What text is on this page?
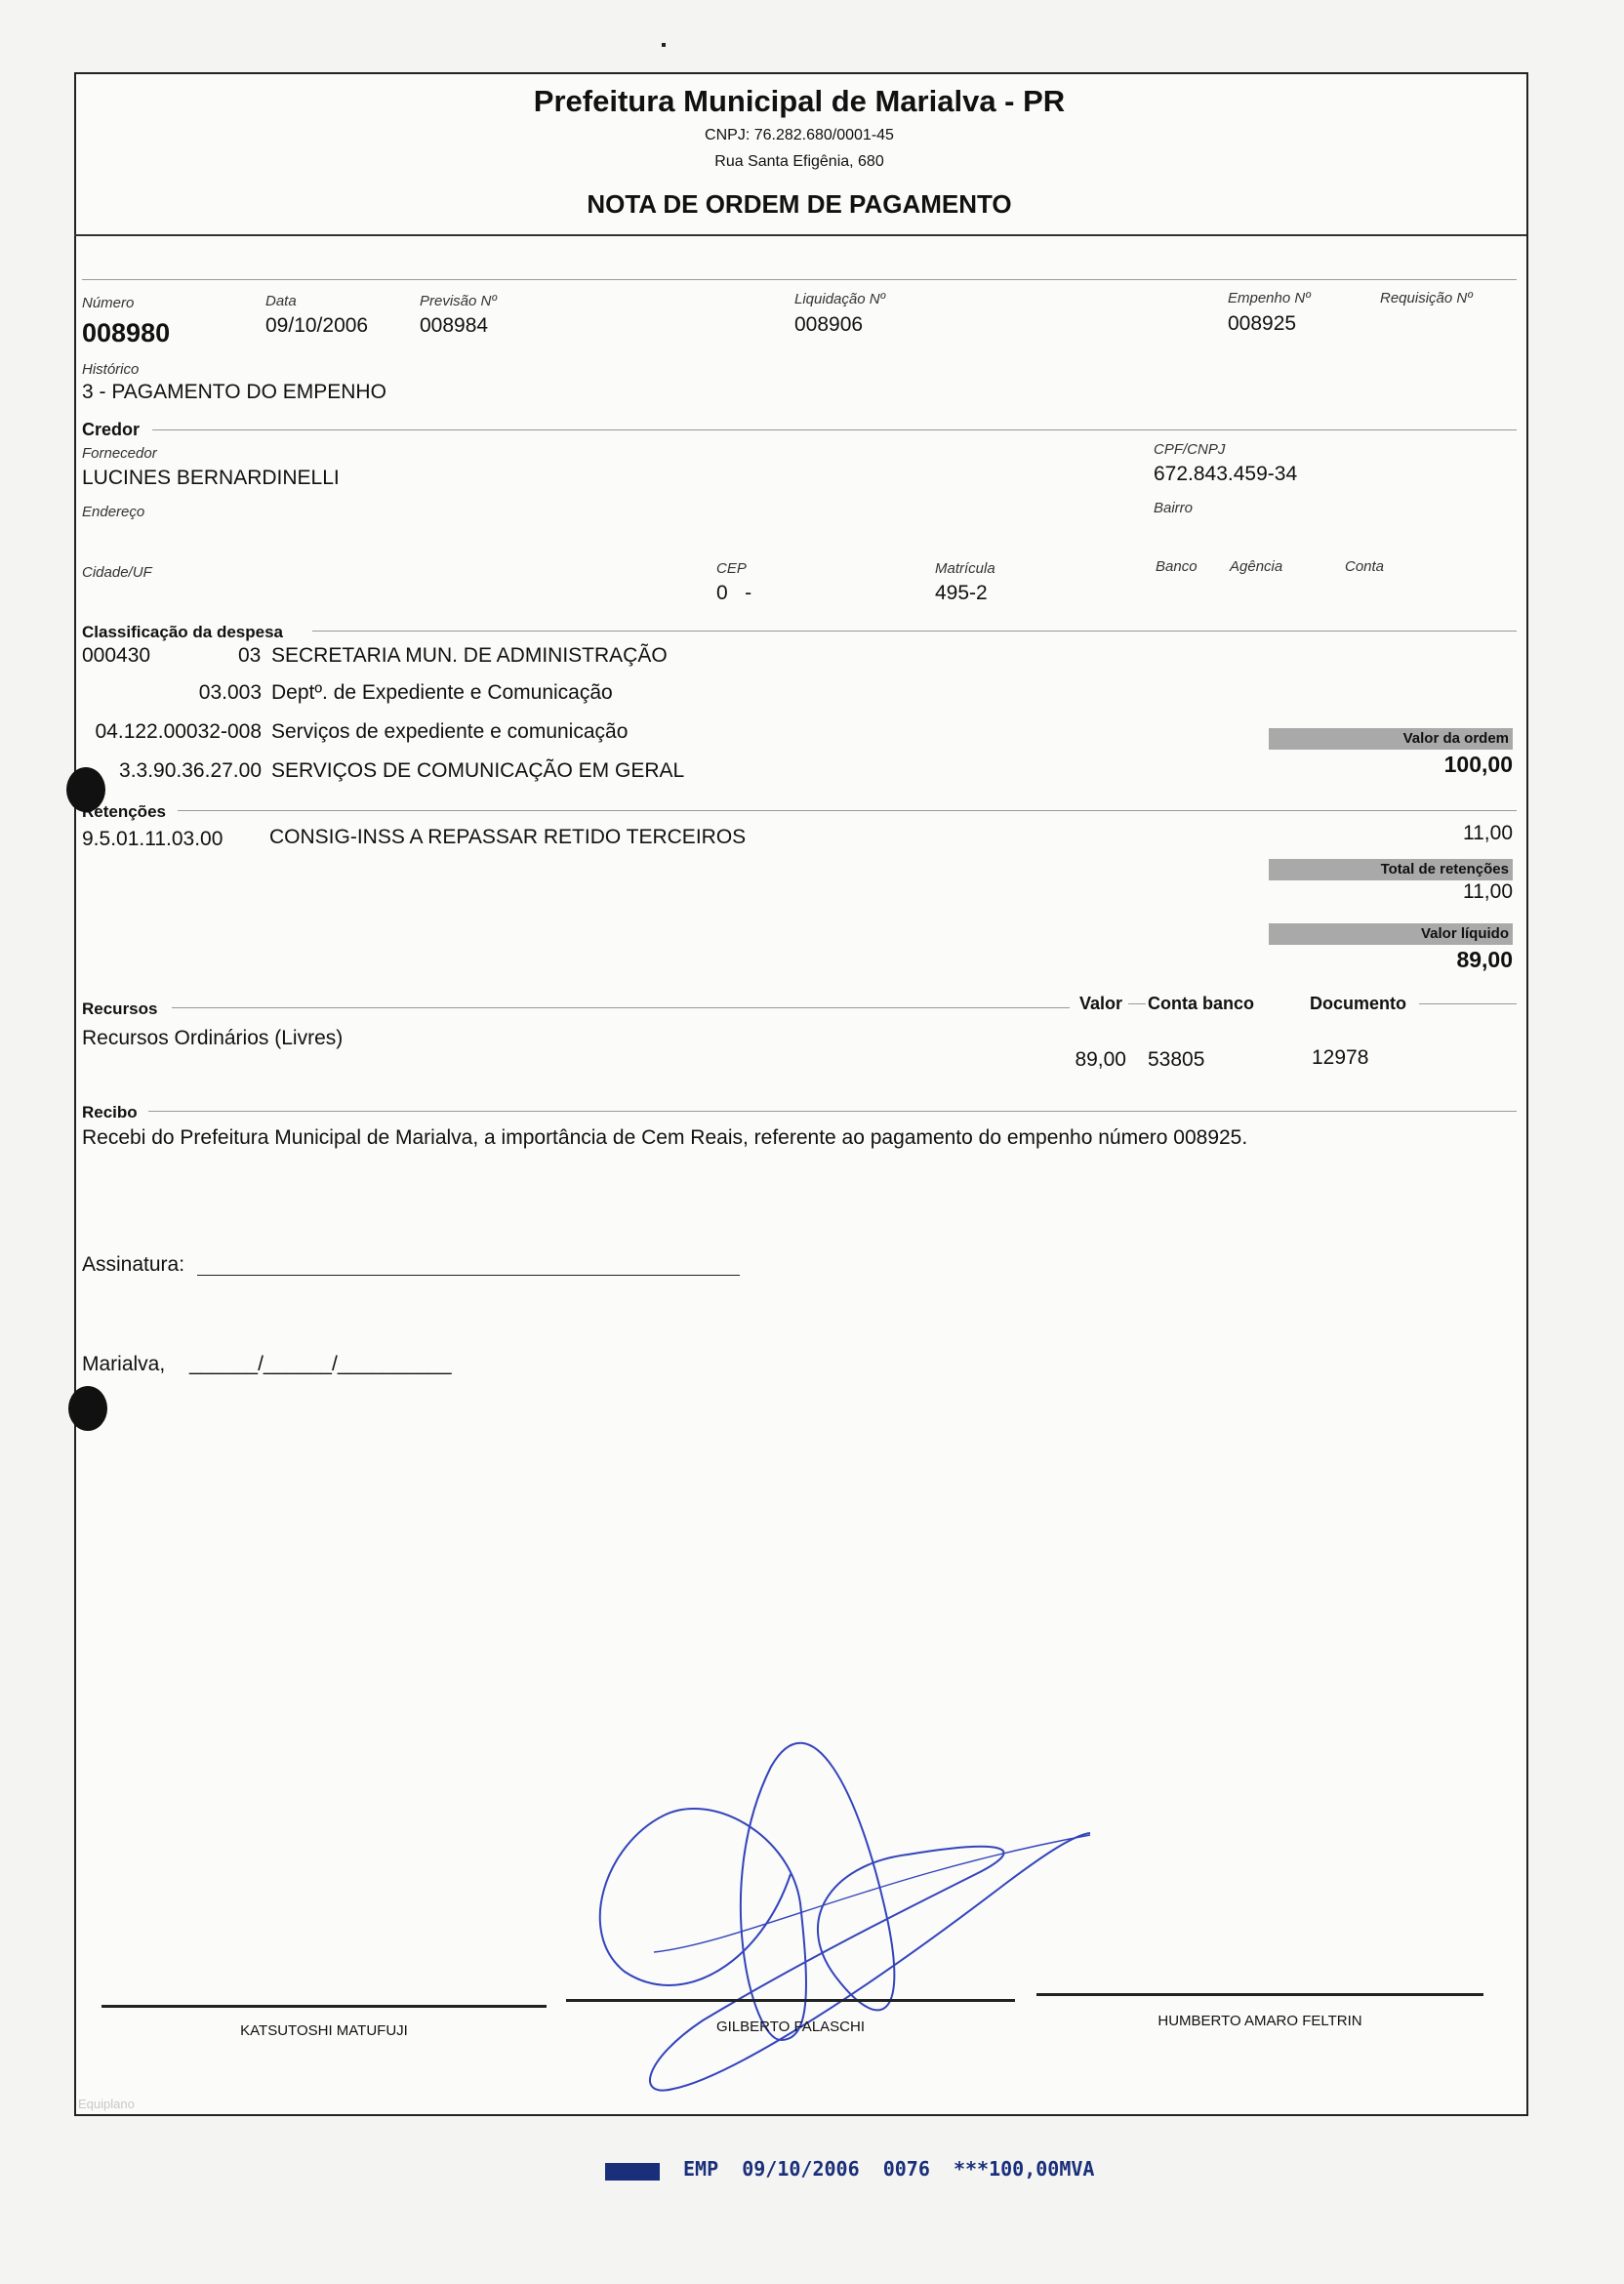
Prefeitura Municipal de Marialva - PR
CNPJ: 76.282.680/0001-45
Rua Santa Efigênia, 680
NOTA DE ORDEM DE PAGAMENTO
Número
008980
Data
09/10/2006
Previsão Nº
008984
Liquidação Nº
008906
Empenho Nº
008925
Requisição Nº
Histórico
3 - PAGAMENTO DO EMPENHO
Credor
Fornecedor
LUCINES BERNARDINELLI
CPF/CNPJ
672.843.459-34
Endereço	Bairro
Cidade/UF	CEP
0   -
Matrícula
495-2
Banco Agência	Conta
Classificação da despesa
000430	03 SECRETARIA MUN. DE ADMINISTRAÇÃO
03.003 Deptº. de Expediente e Comunicação
04.122.00032-008 Serviços de expediente e comunicação
3.3.90.36.27.00 SERVIÇOS DE COMUNICAÇÃO EM GERAL
Valor da ordem
100,00
Retenções
9.5.01.11.03.00 CONSIG-INSS A REPASSAR RETIDO TERCEIROS	11,00
Total de retenções
11,00
Valor líquido
89,00
Recursos	Valor Conta banco	Documento
Recursos Ordinários (Livres)
89,00 53805	12978
Recibo
Recebi do Prefeitura Municipal de Marialva, a importância de Cem Reais, referente ao pagamento do empenho número 008925.
Assinatura:
Marialva, ______/______/__________
KATSUTOSHI MATUFUJI	GILBERTO FALASCHI	HUMBERTO AMARO FELTRIN
Equiplano
EMP  09/10/2006  0076  ***100,00MVA
